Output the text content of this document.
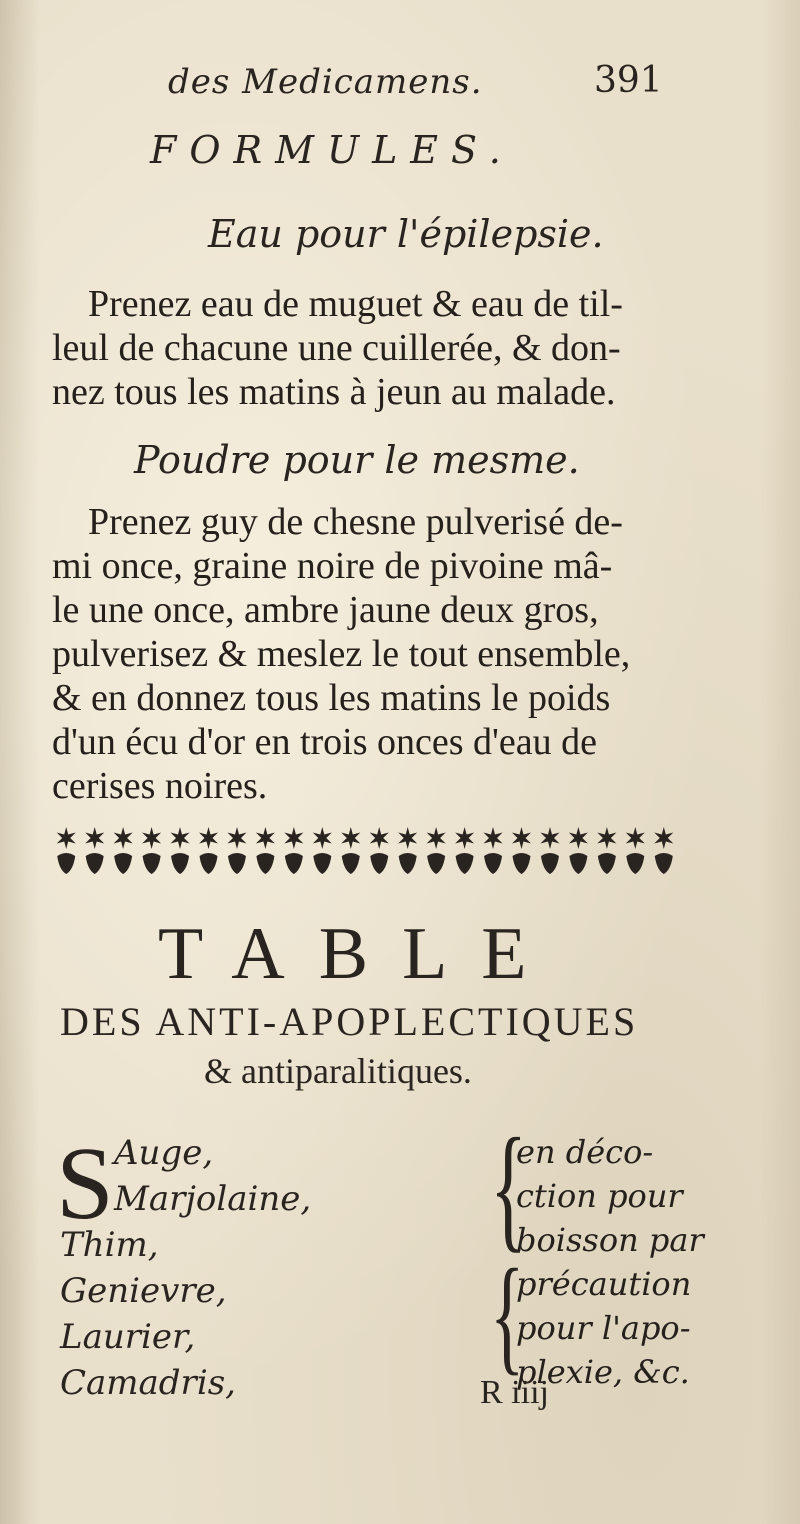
des Medicamens.	391
FORMULES.
Eau pour l'épilepsie.
Prenez eau de muguet & eau de til-
leul de chacune une cuillerée, & don-
nez tous les matins à jeun au malade.
Poudre pour le mesme.
Prenez guy de chesne pulverisé de-
mi once, graine noire de pivoine mâ-
le une once, ambre jaune deux gros,
pulverisez & meslez le tout ensemble,
& en donnez tous les matins le poids
d'un écu d'or en trois onces d'eau de
cerises noires.
TABLE
DES ANTI-APOPLECTIQUES
& antiparalitiques.
S Auge,
Marjolaine,
Thim,
Genievre,
Laurier,
Camadris,
{
en déco-
ction pour
boisson par
{
précaution
pour l'apo-
plexie, &c.
R iiij
